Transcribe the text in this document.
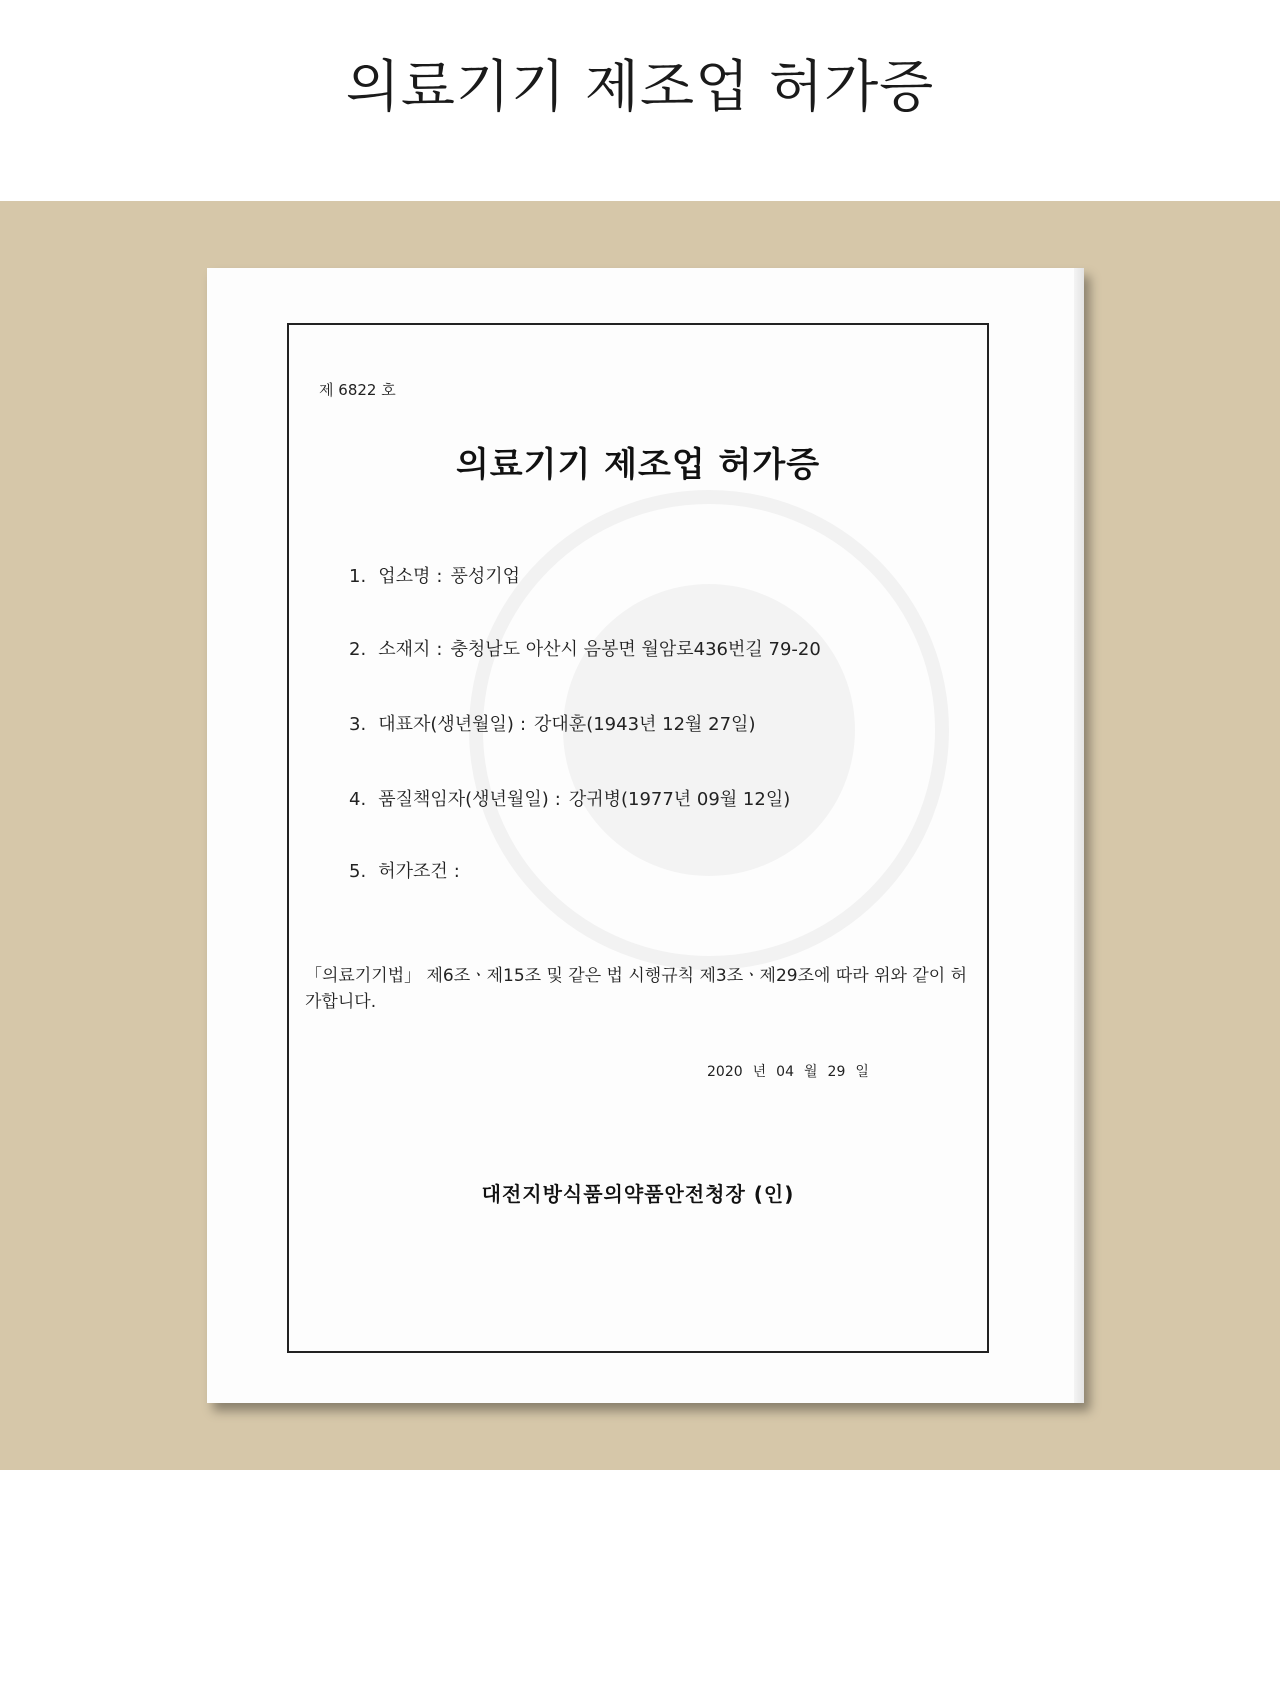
의료기기 제조업 허가증
제 6822 호
의료기기 제조업 허가증
1. 업소명 : 풍성기업
2. 소재지 : 충청남도 아산시 음봉면 월암로436번길 79-20
3. 대표자(생년월일) : 강대훈(1943년 12월 27일)
4. 품질책임자(생년월일) : 강귀병(1977년 09월 12일)
5. 허가조건 :
「의료기기법」 제6조ㆍ제15조 및 같은 법 시행규칙 제3조ㆍ제29조에 따라 위와 같이 허가합니다.
2020 년 04 월 29 일
대전지방식품의약품안전청장 (인)
